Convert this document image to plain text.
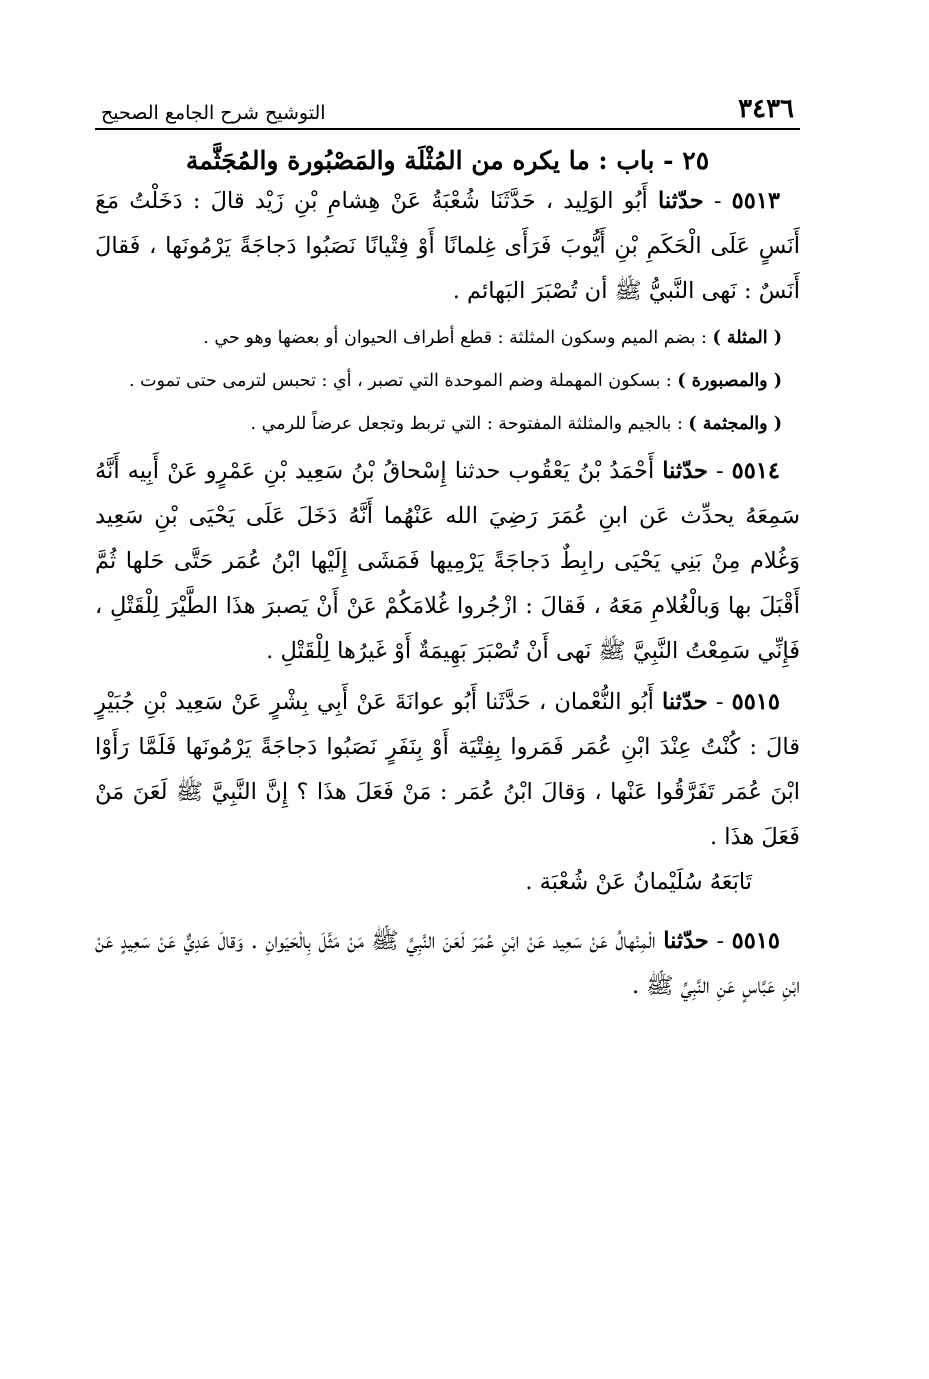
٣٤٣٦
التوشيح شرح الجامع الصحيح
٢٥ - باب : ما يكره من المُثْلَة والمَصْبُورة والمُجَثَّمة

٥٥١٣ - حدّثنا أَبُو الوَلِيد ، حَدَّثَنَا شُعْبَةُ عَنْ هِشامِ بْنِ زَيْد قالَ : دَخَلْتُ مَعَ أَنَسٍ عَلَى الْحَكَمِ بْنِ أَيُّوبَ فَرَأَى غِلمانًا أَوْ فِتْيانًا نَصَبُوا دَجاجَةً يَرْمُونَها ، فَقالَ أَنَسٌ : نَهى النَّبيُّ ﷺ أن تُصْبَرَ البَهائم .

( المثلة ) : بضم الميم وسكون المثلثة : قطع أطراف الحيوان أو بعضها وهو حي .

( والمصبورة ) : بسكون المهملة وضم الموحدة التي تصبر ، أي : تحبس لترمى حتى تموت .

( والمجثمة ) : بالجيم والمثلثة المفتوحة : التي تربط وتجعل عرضاً للرمي .

٥٥١٤ - حدّثنا أَحْمَدُ بْنُ يَعْقُوب حدثنا إِسْحاقُ بْنُ سَعِيد بْنِ عَمْرٍو عَنْ أَبِيه أَنَّهُ سَمِعَهُ يحدِّث عَن ابنِ عُمَرَ رَضِيَ الله عَنْهُما أَنَّهُ دَخَلَ عَلَى يَحْيَى بْنِ سَعِيد وَغُلام مِنْ بَنِي يَحْيَى رابِطٌ دَجاجَةً يَرْمِيها فَمَشَى إِلَيْها ابْنُ عُمَر حَتَّى حَلها ثُمَّ أَقْبَلَ بها وَبالْغُلامِ مَعَهُ ، فَقالَ : ازْجُروا غُلامَكُمْ عَنْ أَنْ يَصبرَ هذَا الطَّيْرَ لِلْقَتْلِ ، فَإِنِّي سَمِعْتُ النَّبِيَّ ﷺ نَهى أَنْ تُصْبَرَ بَهِيمَةٌ أَوْ غَيرُها لِلْقَتْلِ .

٥٥١٥ - حدّثنا أَبُو النُّعْمان ، حَدَّثَنا أَبُو عوانَةَ عَنْ أَبِي بِشْرٍ عَنْ سَعِيد بْنِ جُبَيْرٍ قالَ : كُنْتُ عِنْدَ ابْنِ عُمَر فَمَروا بِفِتْيَة أَوْ بِنَفَرٍ نَصَبُوا دَجاجَةً يَرْمُونَها فَلَمَّا رَأَوْا ابْنَ عُمَر تَفَرَّقُوا عَنْها ، وَقالَ ابْنُ عُمَر : مَنْ فَعَلَ هذَا ؟ إِنَّ النَّبِيَّ ﷺ لَعَنَ مَنْ فَعَلَ هذَا .

تَابَعَهُ سُلَيْمانُ عَنْ شُعْبَة .

٥٥١٥ - حدّثنا الْمِنْهالُ عَنْ سَعِيد عَنْ ابْنِ عُمَرَ لَعَنَ النَّبِيَّ ﷺ مَنْ مَثَّلَ بِالْحَيَوانِ . وَقالَ عَدِيٌّ عَنْ سَعِيدٍ عَنْ ابْنِ عَبَّاسٍ عَنِ النَّبِيِّ ﷺ .
